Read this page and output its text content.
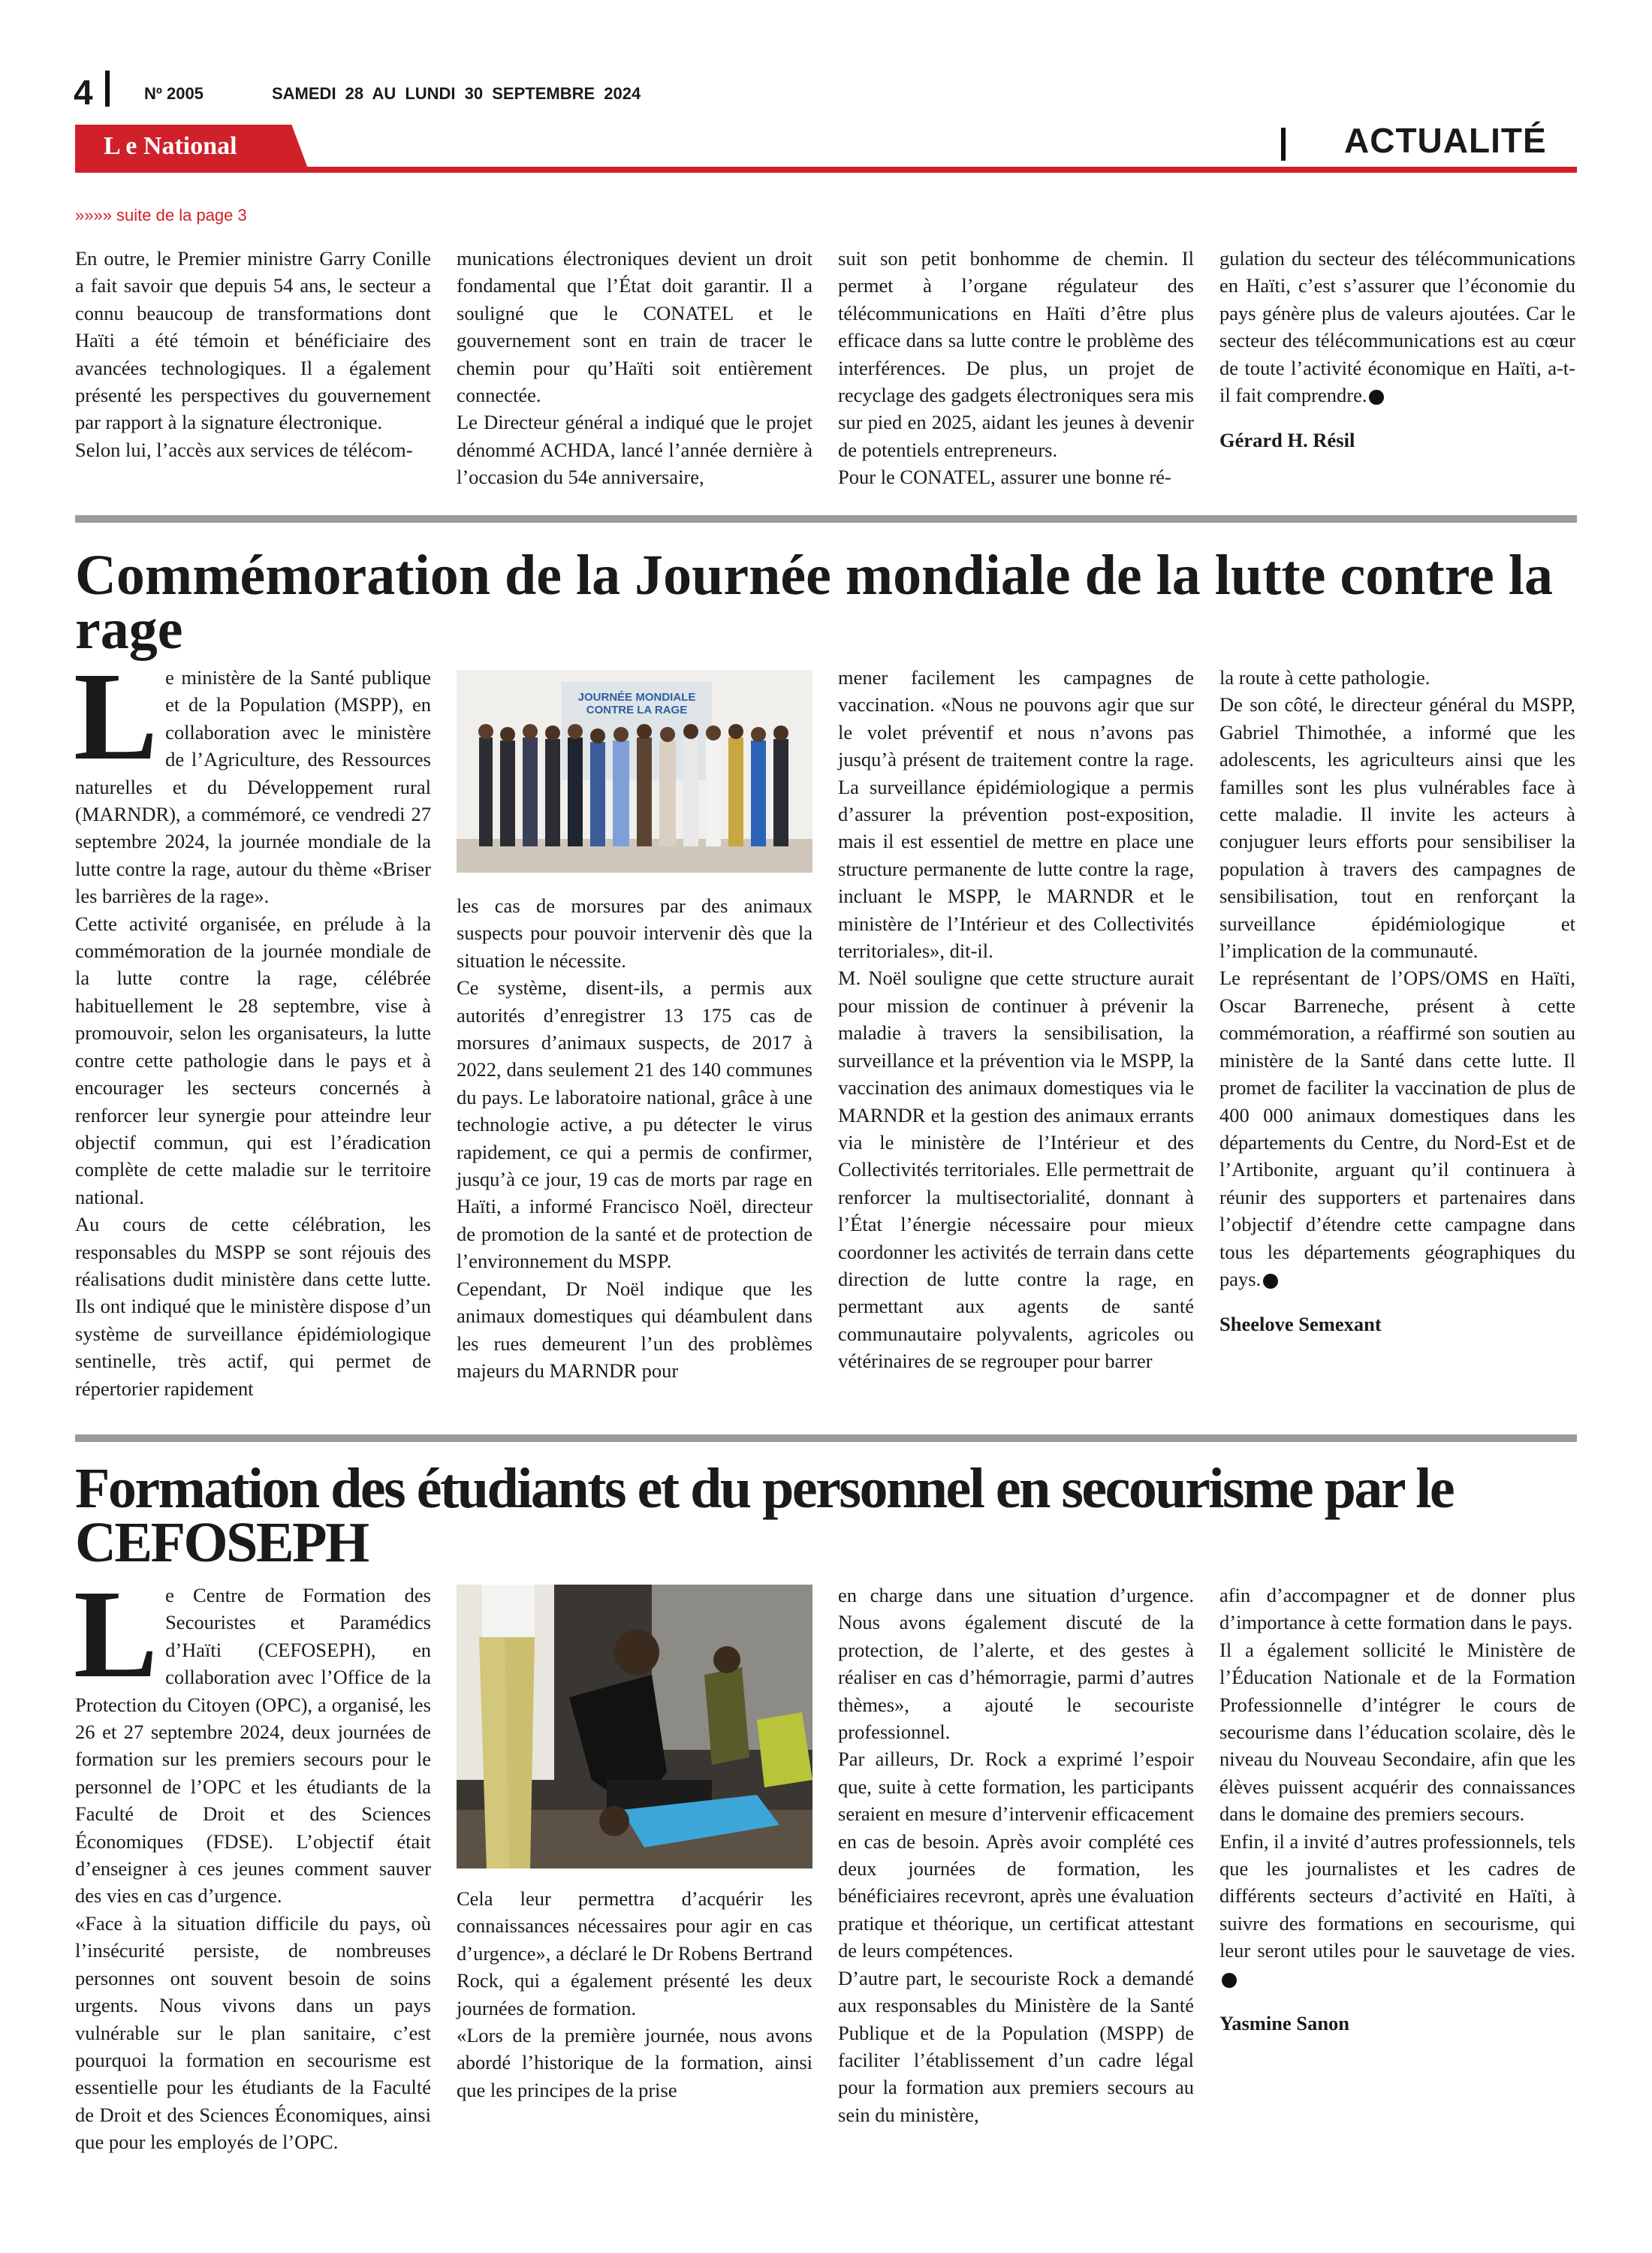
4	Nº 2005	SAMEDI 28 AU LUNDI 30 SEPTEMBRE 2024
L e National	ACTUALITÉ
»»»» suite de la page 3

En outre, le Premier ministre Garry Conille a fait savoir que depuis 54 ans, le secteur a connu beaucoup de transformations dont Haïti a été témoin et bénéficiaire des avancées technologiques. Il a également présenté les perspectives du gouvernement par rapport à la signature électronique.

Selon lui, l’accès aux services de télécom-

munications électroniques devient un droit fondamental que l’État doit garantir. Il a souligné que le CONATEL et le gouvernement sont en train de tracer le chemin pour qu’Haïti soit entièrement connectée.

Le Directeur général a indiqué que le projet dénommé ACHDA, lancé l’année dernière à l’occasion du 54e anniversaire,

suit son petit bonhomme de chemin. Il permet à l’organe régulateur des télécommunications en Haïti d’être plus efficace dans sa lutte contre le problème des interférences. De plus, un projet de recyclage des gadgets électroniques sera mis sur pied en 2025, aidant les jeunes à devenir de potentiels entrepreneurs.

Pour le CONATEL, assurer une bonne ré-

gulation du secteur des télécommunications en Haïti, c’est s’assurer que l’économie du pays génère plus de valeurs ajoutées. Car le secteur des télécommunications est au cœur de toute l’activité économique en Haïti, a-t-il fait comprendre.

Gérard H. Résil

Commémoration de la Journée mondiale de la lutte contre la rage

Le ministère de la Santé publique et de la Population (MSPP), en collaboration avec le ministère de l’Agriculture, des Ressources naturelles et du Développement rural (MARNDR), a commémoré, ce vendredi 27 septembre 2024, la journée mondiale de la lutte contre la rage, autour du thème «Briser les barrières de la rage».

Cette activité organisée, en prélude à la commémoration de la journée mondiale de la lutte contre la rage, célébrée habituellement le 28 septembre, vise à promouvoir, selon les organisateurs, la lutte contre cette pathologie dans le pays et à encourager les secteurs concernés à renforcer leur synergie pour atteindre leur objectif commun, qui est l’éradication complète de cette maladie sur le territoire national.

Au cours de cette célébration, les responsables du MSPP se sont réjouis des réalisations dudit ministère dans cette lutte. Ils ont indiqué que le ministère dispose d’un système de surveillance épidémiologique sentinelle, très actif, qui permet de répertorier rapidement

JOURNÉE MONDIALE CONTRE LA RAGE

les cas de morsures par des animaux suspects pour pouvoir intervenir dès que la situation le nécessite.

Ce système, disent-ils, a permis aux autorités d’enregistrer 13 175 cas de morsures d’animaux suspects, de 2017 à 2022, dans seulement 21 des 140 communes du pays. Le laboratoire national, grâce à une technologie active, a pu détecter le virus rapidement, ce qui a permis de confirmer, jusqu’à ce jour, 19 cas de morts par rage en Haïti, a informé Francisco Noël, directeur de promotion de la santé et de protection de l’environnement du MSPP.

Cependant, Dr Noël indique que les animaux domestiques qui déambulent dans les rues demeurent l’un des problèmes majeurs du MARNDR pour

mener facilement les campagnes de vaccination. «Nous ne pouvons agir que sur le volet préventif et nous n’avons pas jusqu’à présent de traitement contre la rage. La surveillance épidémiologique a permis d’assurer la prévention post-exposition, mais il est essentiel de mettre en place une structure permanente de lutte contre la rage, incluant le MSPP, le MARNDR et le ministère de l’Intérieur et des Collectivités territoriales», dit-il.

M. Noël souligne que cette structure aurait pour mission de continuer à prévenir la maladie à travers la sensibilisation, la surveillance et la prévention via le MSPP, la vaccination des animaux domestiques via le MARNDR et la gestion des animaux errants via le ministère de l’Intérieur et des Collectivités territoriales. Elle permettrait de renforcer la multisectorialité, donnant à l’État l’énergie nécessaire pour mieux coordonner les activités de terrain dans cette direction de lutte contre la rage, en permettant aux agents de santé communautaire polyvalents, agricoles ou vétérinaires de se regrouper pour barrer

la route à cette pathologie.

De son côté, le directeur général du MSPP, Gabriel Thimothée, a informé que les adolescents, les agriculteurs ainsi que les familles sont les plus vulnérables face à cette maladie. Il invite les acteurs à conjuguer leurs efforts pour sensibiliser la population à travers des campagnes de sensibilisation, tout en renforçant la surveillance épidémiologique et l’implication de la communauté.

Le représentant de l’OPS/OMS en Haïti, Oscar Barreneche, présent à cette commémoration, a réaffirmé son soutien au ministère de la Santé dans cette lutte. Il promet de faciliter la vaccination de plus de 400 000 animaux domestiques dans les départements du Centre, du Nord-Est et de l’Artibonite, arguant qu’il continuera à réunir des supporters et partenaires dans l’objectif d’étendre cette campagne dans tous les départements géographiques du pays.

Sheelove Semexant

Formation des étudiants et du personnel en secourisme par le CEFOSEPH

Le Centre de Formation des Secouristes et Paramédics d’Haïti (CEFOSEPH), en collaboration avec l’Office de la Protection du Citoyen (OPC), a organisé, les 26 et 27 septembre 2024, deux journées de formation sur les premiers secours pour le personnel de l’OPC et les étudiants de la Faculté de Droit et des Sciences Économiques (FDSE). L’objectif était d’enseigner à ces jeunes comment sauver des vies en cas d’urgence.

«Face à la situation difficile du pays, où l’insécurité persiste, de nombreuses personnes ont souvent besoin de soins urgents. Nous vivons dans un pays vulnérable sur le plan sanitaire, c’est pourquoi la formation en secourisme est essentielle pour les étudiants de la Faculté de Droit et des Sciences Économiques, ainsi que pour les employés de l’OPC.

Cela leur permettra d’acquérir les connaissances nécessaires pour agir en cas d’urgence», a déclaré le Dr Robens Bertrand Rock, qui a également présenté les deux journées de formation.

«Lors de la première journée, nous avons abordé l’historique de la formation, ainsi que les principes de la prise

en charge dans une situation d’urgence. Nous avons également discuté de la protection, de l’alerte, et des gestes à réaliser en cas d’hémorragie, parmi d’autres thèmes», a ajouté le secouriste professionnel.

Par ailleurs, Dr. Rock a exprimé l’espoir que, suite à cette formation, les participants seraient en mesure d’intervenir efficacement en cas de besoin. Après avoir complété ces deux journées de formation, les bénéficiaires recevront, après une évaluation pratique et théorique, un certificat attestant de leurs compétences.

D’autre part, le secouriste Rock a demandé aux responsables du Ministère de la Santé Publique et de la Population (MSPP) de faciliter l’établissement d’un cadre légal pour la formation aux premiers secours au sein du ministère,

afin d’accompagner et de donner plus d’importance à cette formation dans le pays.

Il a également sollicité le Ministère de l’Éducation Nationale et de la Formation Professionnelle d’intégrer le cours de secourisme dans l’éducation scolaire, dès le niveau du Nouveau Secondaire, afin que les élèves puissent acquérir des connaissances dans le domaine des premiers secours.

Enfin, il a invité d’autres professionnels, tels que les journalistes et les cadres de différents secteurs d’activité en Haïti, à suivre des formations en secourisme, qui leur seront utiles pour le sauvetage de vies.

Yasmine Sanon
